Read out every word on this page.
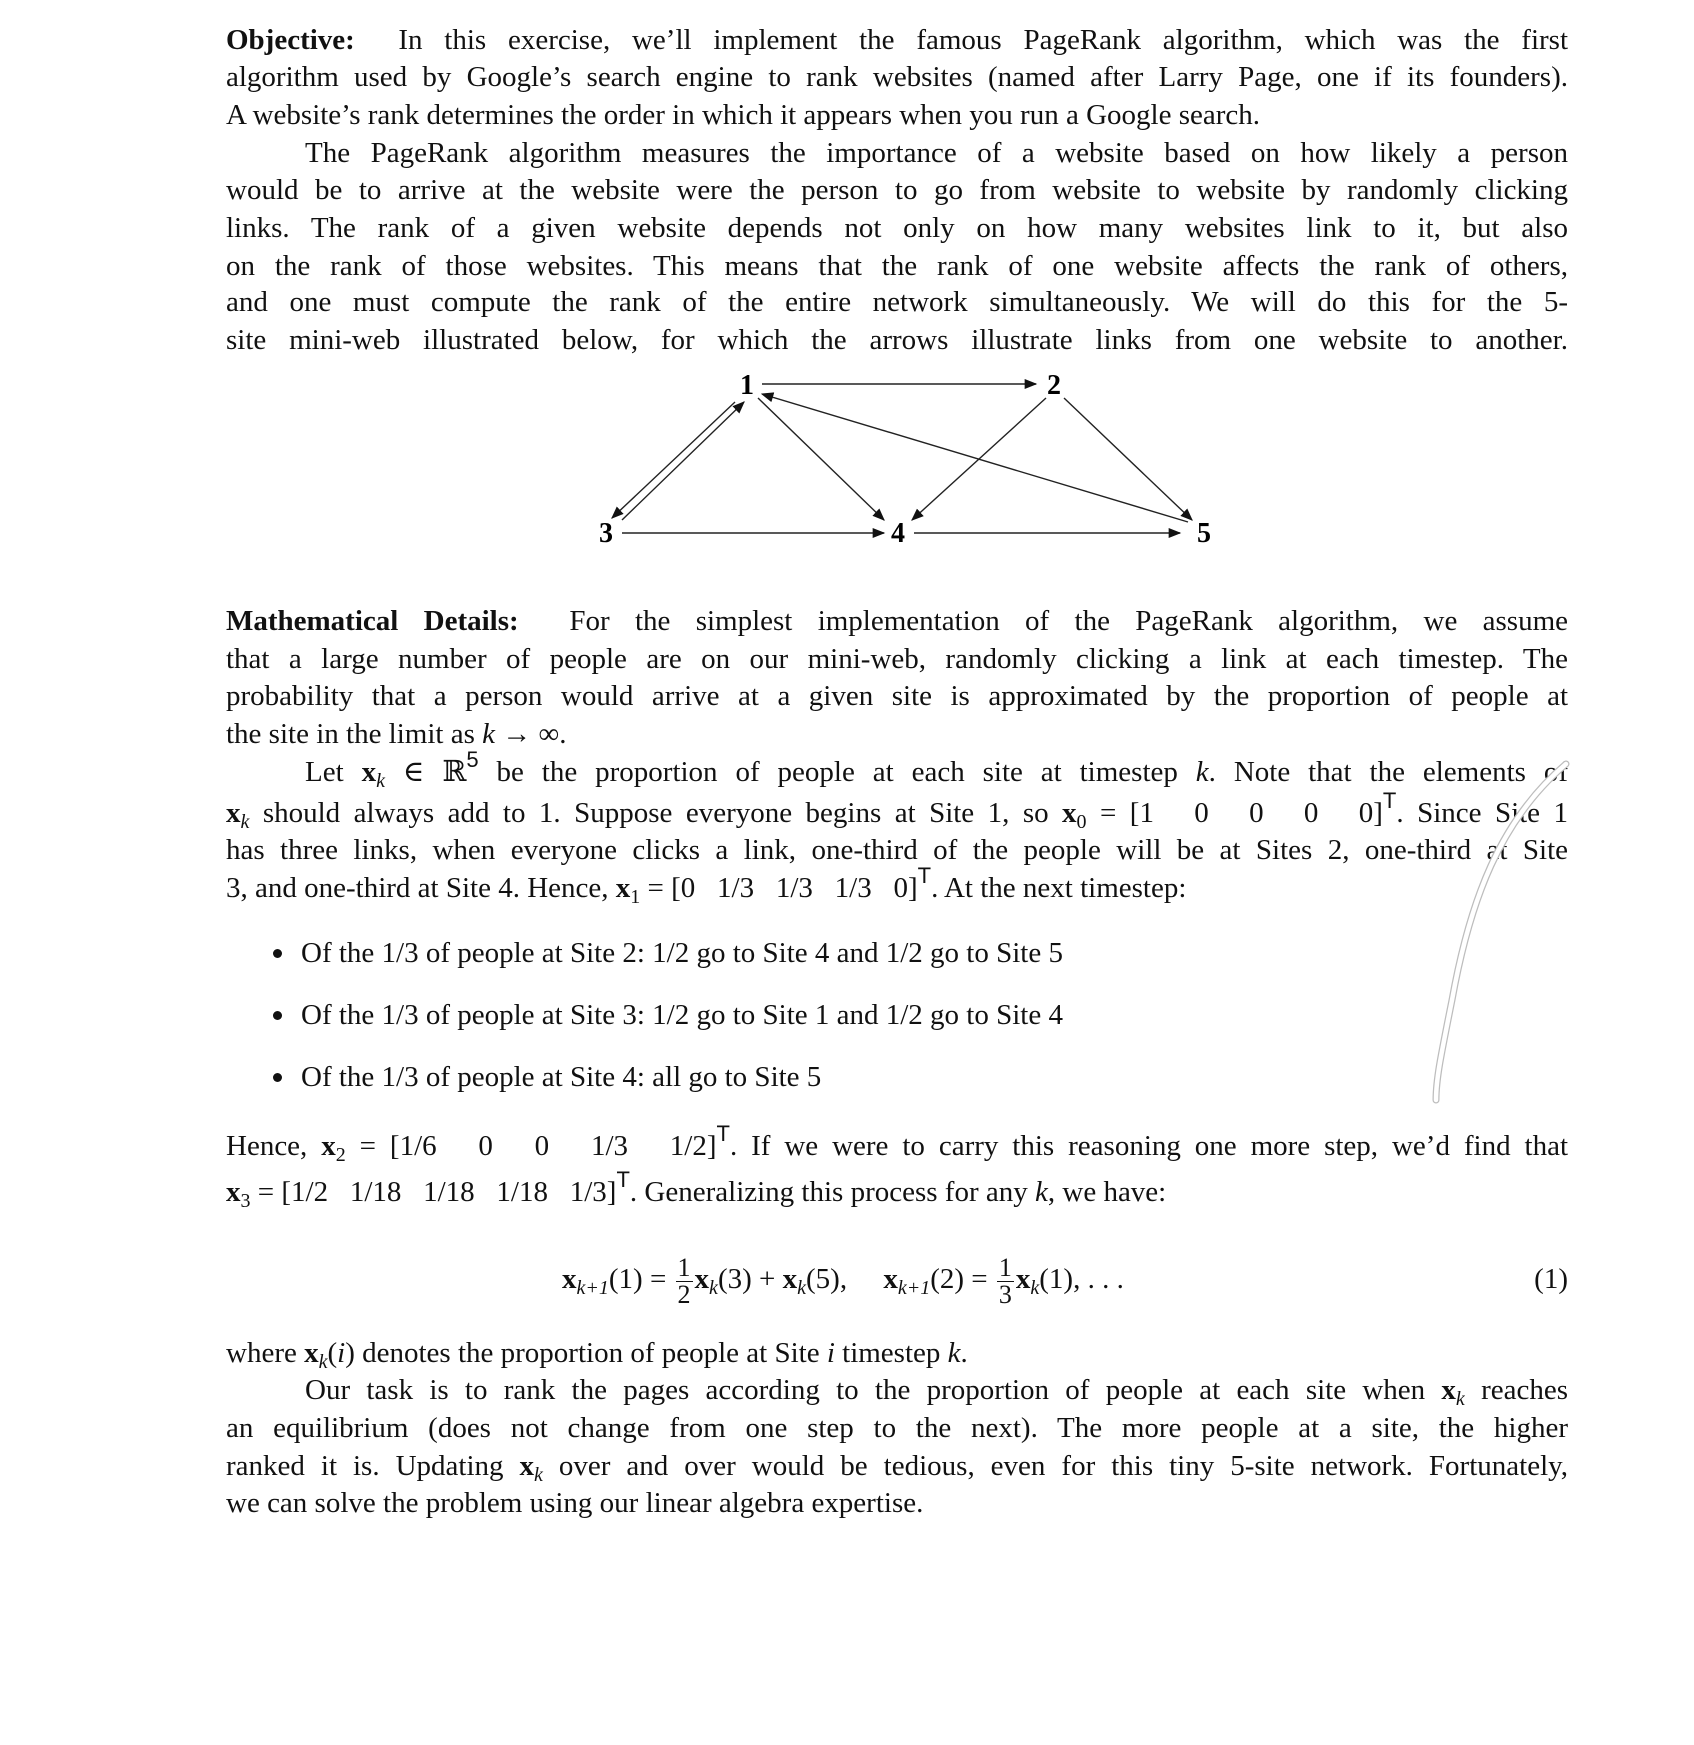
Objective:  In this exercise, we’ll implement the famous PageRank algorithm, which was the first
algorithm used by Google’s search engine to rank websites (named after Larry Page, one if its founders).
A website’s rank determines the order in which it appears when you run a Google search.
The PageRank algorithm measures the importance of a website based on how likely a person
would be to arrive at the website were the person to go from website to website by randomly clicking
links. The rank of a given website depends not only on how many websites link to it, but also
on the rank of those websites. This means that the rank of one website affects the rank of others,
and one must compute the rank of the entire network simultaneously. We will do this for the 5-
site mini-web illustrated below, for which the arrows illustrate links from one website to another.
Mathematical Details:  For the simplest implementation of the PageRank algorithm, we assume
that a large number of people are on our mini-web, randomly clicking a link at each timestep. The
probability that a person would arrive at a given site is approximated by the proportion of people at
the site in the limit as k → ∞.
Let $x_k$ ∈ ℝ$^5$ be the proportion of people at each site at timestep k. Note that the elements of
$x_k$ should always add to 1. Suppose everyone begins at Site 1, so $x_0 = [1$   0   0   0   0]$^T$. Since Site 1
has three links, when everyone clicks a link, one-third of the people will be at Sites 2, one-third at Site
3, and one-third at Site 4. Hence, $x_1 = [0$   1/3   1/3   1/3   0]$^T$. At the next timestep:
Of the 1/3 of people at Site 2: 1/2 go to Site 4 and 1/2 go to Site 5
Of the 1/3 of people at Site 3: 1/2 go to Site 1 and 1/2 go to Site 4
Of the 1/3 of people at Site 4: all go to Site 5
Hence, $x_2 = [1/6$   0   0   1/3   1/2]$^T$. If we were to carry this reasoning one more step, we’d find that
$x_3 = [1/2$   1/18   1/18   1/18   1/3]$^T$. Generalizing this process for any k, we have:
where $x_k(i)$ denotes the proportion of people at Site i timestep k.
Our task is to rank the pages according to the proportion of people at each site when $x_k$ reaches
an equilibrium (does not change from one step to the next). The more people at a site, the higher
ranked it is. Updating $x_k$ over and over would be tedious, even for this tiny 5-site network. Fortunately,
we can solve the problem using our linear algebra expertise.
1	2
3	4	5
$x_{k+1}(1) = \frac{1}{2} x_k(3) + x_k(5)$,     $x_{k+1}(2) = \frac{1}{3} x_k(1)$, . . .	(1)
